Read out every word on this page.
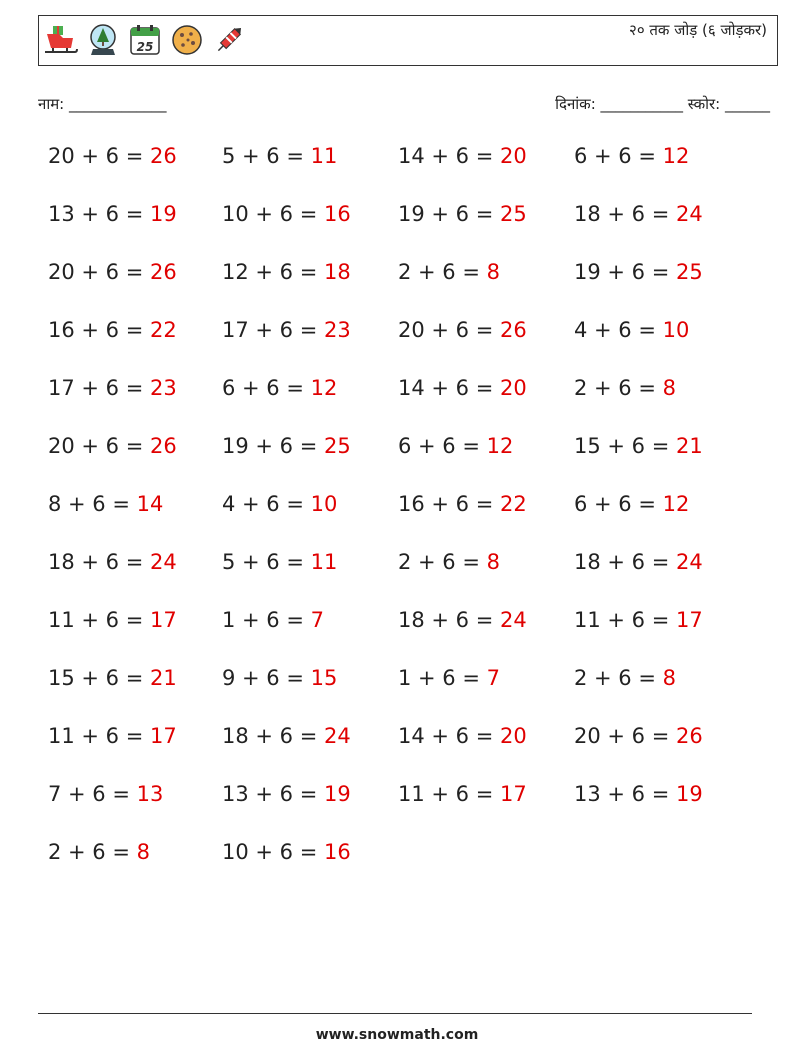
25
२० तक जोड़ (६ जोड़कर)
नाम: _____________	दिनांक: ___________ स्कोर: ______
20 + 6 = 26 5 + 6 = 11	14 + 6 = 20 6 + 6 = 12
13 + 6 = 19 10 + 6 = 16 19 + 6 = 25 18 + 6 = 24
20 + 6 = 26 12 + 6 = 18 2 + 6 = 8	19 + 6 = 25
16 + 6 = 22 17 + 6 = 23 20 + 6 = 26 4 + 6 = 10
17 + 6 = 23 6 + 6 = 12	14 + 6 = 20 2 + 6 = 8
20 + 6 = 26 19 + 6 = 25 6 + 6 = 12	15 + 6 = 21
8 + 6 = 14	4 + 6 = 10	16 + 6 = 22 6 + 6 = 12
18 + 6 = 24 5 + 6 = 11	2 + 6 = 8	18 + 6 = 24
11 + 6 = 17 1 + 6 = 7	18 + 6 = 24 11 + 6 = 17
15 + 6 = 21 9 + 6 = 15	1 + 6 = 7	2 + 6 = 8
11 + 6 = 17 18 + 6 = 24 14 + 6 = 20 20 + 6 = 26
7 + 6 = 13	13 + 6 = 19 11 + 6 = 17 13 + 6 = 19
2 + 6 = 8	10 + 6 = 16
www.snowmath.com
